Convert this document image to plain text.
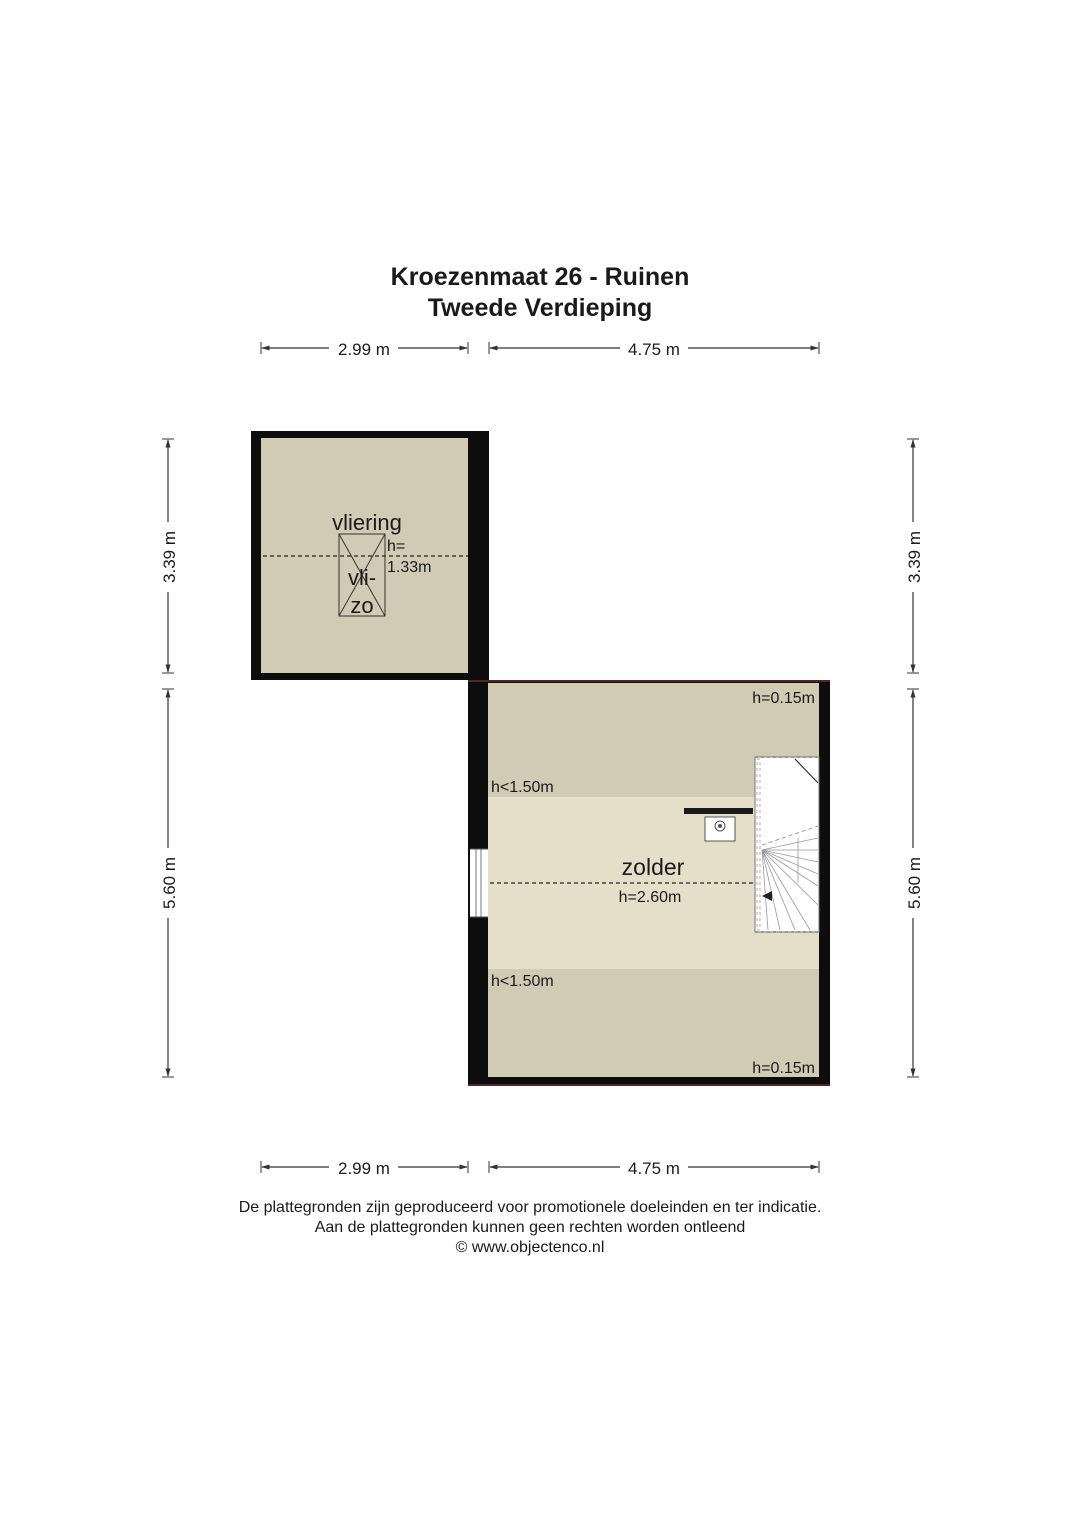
Kroezenmaat 26 - Ruinen
Tweede Verdieping
2.99 m	4.75 m
2.99 m	4.75 m
3.39 m
5.60 m
3.39 m
5.60 m
vliering
h=
1.33m
vli-
zo
zolder
h=2.60m
h=0.15m
h=0.15m
h<1.50m
h<1.50m
De plattegronden zijn geproduceerd voor promotionele doeleinden en ter indicatie.
Aan de plattegronden kunnen geen rechten worden ontleend
© www.objectenco.nl
